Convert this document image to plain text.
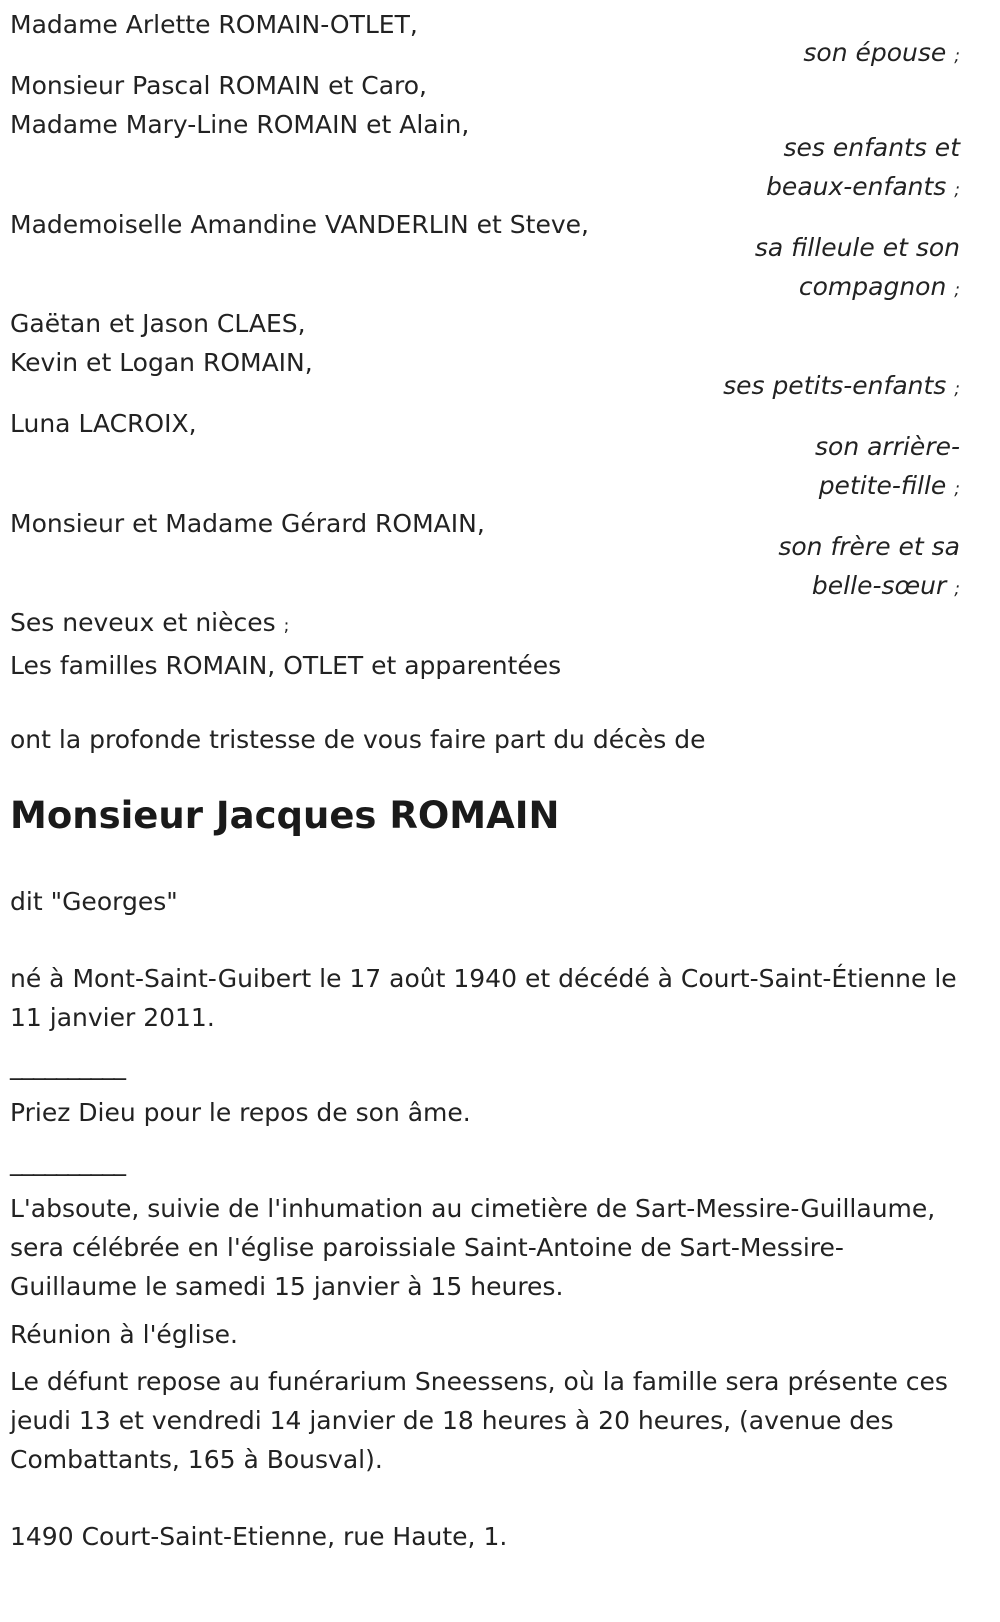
Madame Arlette ROMAIN-OTLET,
son épouse ;
Monsieur Pascal ROMAIN et Caro,
Madame Mary-Line ROMAIN et Alain,
ses enfants et
beaux-enfants ;
Mademoiselle Amandine VANDERLIN et Steve,
sa filleule et son
compagnon ;
Gaëtan et Jason CLAES,
Kevin et Logan ROMAIN,
ses petits-enfants ;
Luna LACROIX,
son arrière-
petite-fille ;
Monsieur et Madame Gérard ROMAIN,
son frère et sa
belle-sœur ;
Ses neveux et nièces ;
Les familles ROMAIN, OTLET et apparentées
ont la profonde tristesse de vous faire part du décès de
Monsieur Jacques ROMAIN
dit "Georges"
né à Mont-Saint-Guibert le 17 août 1940 et décédé à Court-Saint-Étienne le 11 janvier 2011.
__________
Priez Dieu pour le repos de son âme.
__________
L'absoute, suivie de l'inhumation au cimetière de Sart-Messire-Guillaume, sera célébrée en l'église paroissiale Saint-Antoine de Sart-Messire-Guillaume le samedi 15 janvier à 15 heures.
Réunion à l'église.
Le défunt repose au funérarium Sneessens, où la famille sera présente ces jeudi 13 et vendredi 14 janvier de 18 heures à 20 heures, (avenue des Combattants, 165 à Bousval).
1490 Court-Saint-Etienne, rue Haute, 1.
